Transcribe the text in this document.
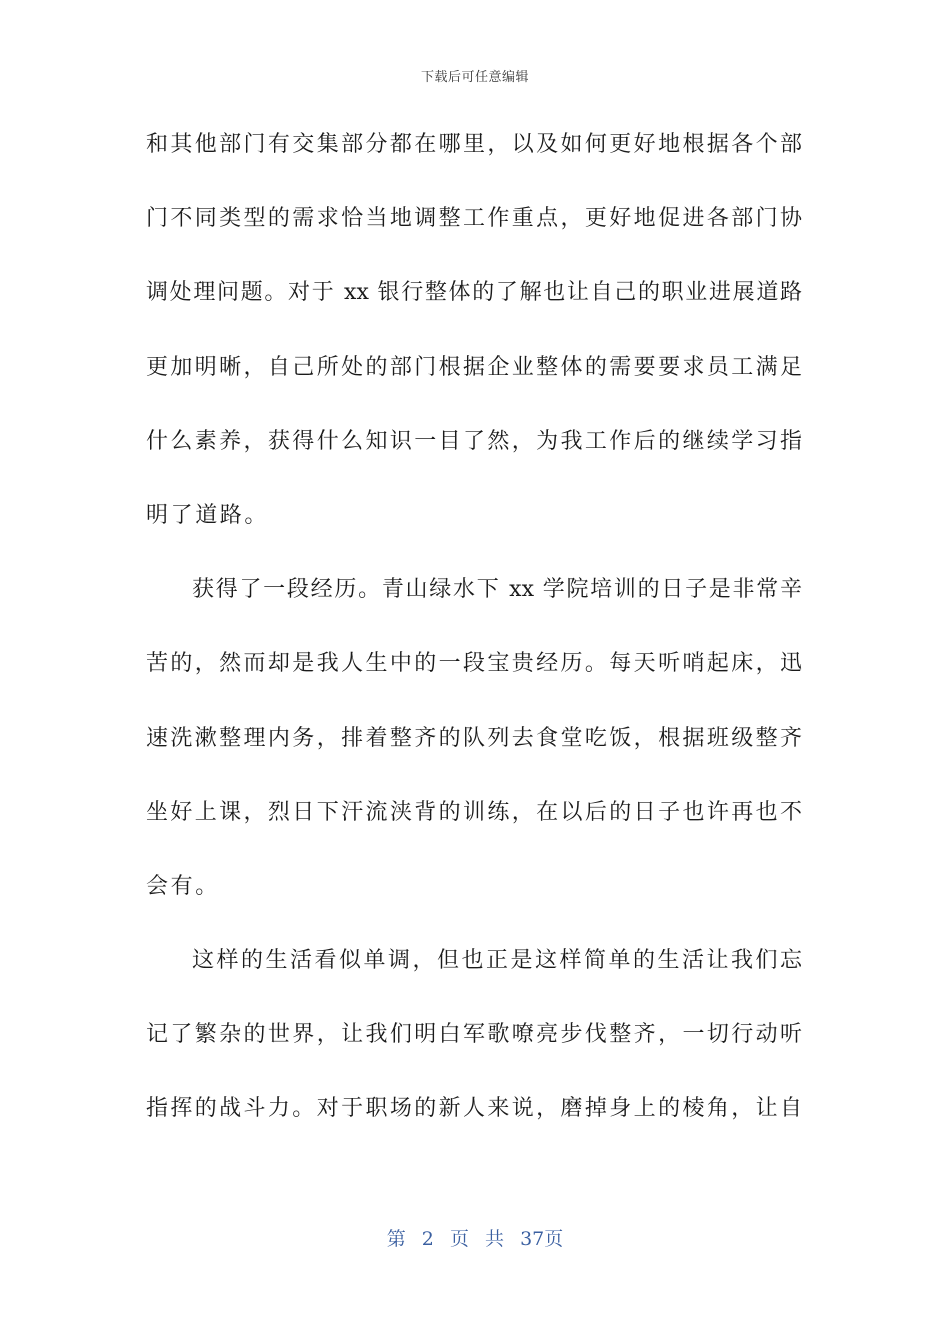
下载后可任意编辑
和其他部门有交集部分都在哪里，以及如何更好地根据各个部
门不同类型的需求恰当地调整工作重点，更好地促进各部门协
调处理问题。对于 xx 银行整体的了解也让自己的职业进展道路
更加明晰，自己所处的部门根据企业整体的需要要求员工满足
什么素养，获得什么知识一目了然，为我工作后的继续学习指
明了道路。
获得了一段经历。青山绿水下 xx 学院培训的日子是非常辛
苦的，然而却是我人生中的一段宝贵经历。每天听哨起床，迅
速洗漱整理内务，排着整齐的队列去食堂吃饭，根据班级整齐
坐好上课，烈日下汗流浃背的训练，在以后的日子也许再也不
会有。
这样的生活看似单调，但也正是这样简单的生活让我们忘
记了繁杂的世界，让我们明白军歌嘹亮步伐整齐，一切行动听
指挥的战斗力。对于职场的新人来说，磨掉身上的棱角，让自
第 2 页 共 37页
